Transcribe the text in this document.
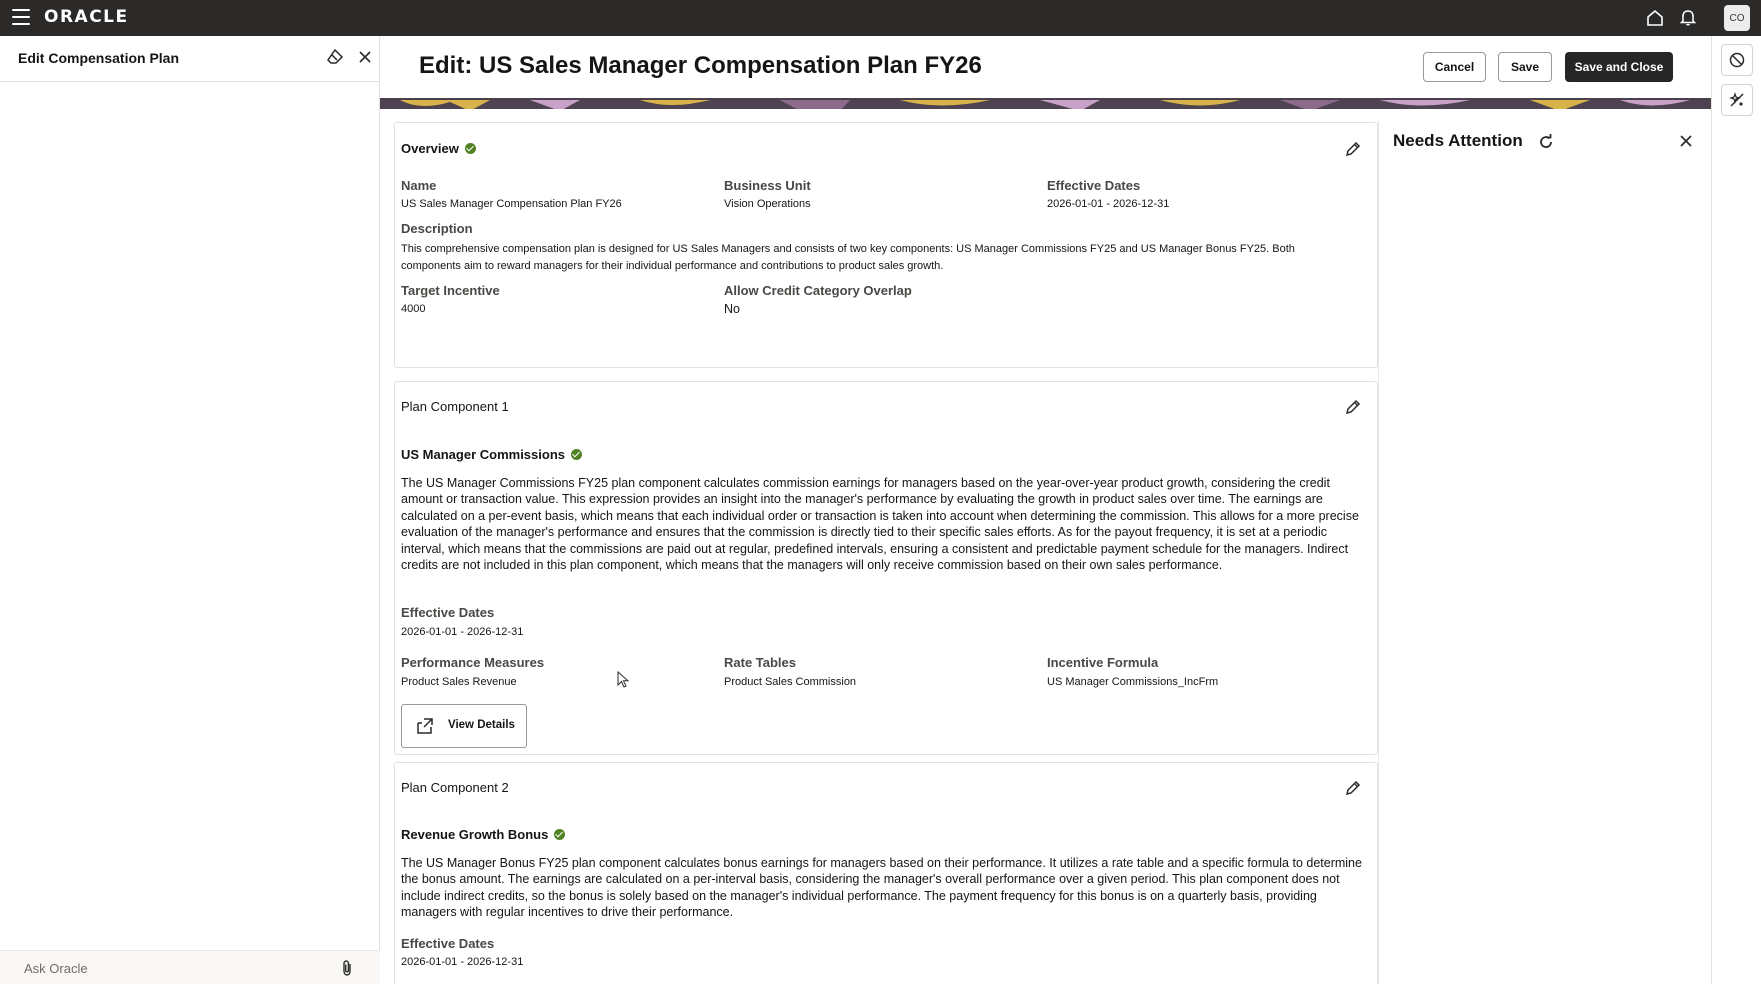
ORACLE	CO
Edit Compensation Plan
Ask Oracle	Edit: US Sales Manager Compensation Plan FY26	Cancel	Save	Save and Close
Needs Attention
Overview
Name
US Sales Manager Compensation Plan FY26
Business Unit
Vision Operations
Effective Dates
2026-01-01 - 2026-12-31
Description
This comprehensive compensation plan is designed for US Sales Managers and consists of two key components: US Manager Commissions FY25 and US Manager Bonus FY25. Both components aim to reward managers for their individual performance and contributions to product sales growth.
Target Incentive
4000
Allow Credit Category Overlap
No
Plan Component 1
US Manager Commissions
The US Manager Commissions FY25 plan component calculates commission earnings for managers based on the year-over-year product growth, considering the credit amount or transaction value. This expression provides an insight into the manager's performance by evaluating the growth in product sales over time. The earnings are calculated on a per-event basis, which means that each individual order or transaction is taken into account when determining the commission. This allows for a more precise evaluation of the manager's performance and ensures that the commission is directly tied to their specific sales efforts. As for the payout frequency, it is set at a periodic interval, which means that the commissions are paid out at regular, predefined intervals, ensuring a consistent and predictable payment schedule for the managers. Indirect credits are not included in this plan component, which means that the managers will only receive commission based on their own sales performance.
Effective Dates
2026-01-01 - 2026-12-31
Performance Measures
Product Sales Revenue
Rate Tables
Product Sales Commission
Incentive Formula
US Manager Commissions_IncFrm
View Details
Plan Component 2
Revenue Growth Bonus
The US Manager Bonus FY25 plan component calculates bonus earnings for managers based on their performance. It utilizes a rate table and a specific formula to determine the bonus amount. The earnings are calculated on a per-interval basis, considering the manager's overall performance over a given period. This plan component does not include indirect credits, so the bonus is solely based on the manager's individual performance. The payment frequency for this bonus is on a quarterly basis, providing managers with regular incentives to drive their performance.
Effective Dates
2026-01-01 - 2026-12-31
